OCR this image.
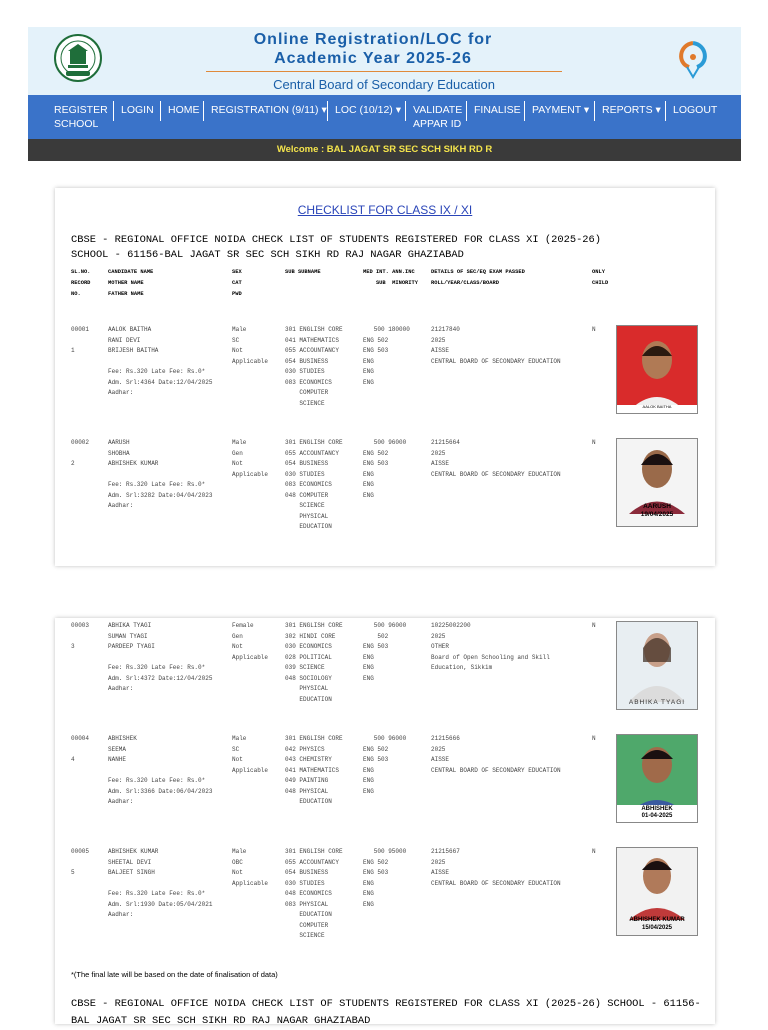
Online Registration/LOC for
Academic Year 2025-26
Central Board of Secondary Education
REGISTER
SCHOOL
LOGIN HOME REGISTRATION (9/11) ▾ LOC (10/12) ▾ VALIDATE
APPAR ID
FINALISE PAYMENT ▾ REPORTS ▾ LOGOUT
Welcome : BAL JAGAT SR SEC SCH SIKH RD R
CHECKLIST FOR CLASS IX / XI
CBSE - REGIONAL OFFICE NOIDA CHECK LIST OF STUDENTS REGISTERED FOR CLASS XI (2025-26)
SCHOOL - 61156-BAL JAGAT SR SEC SCH SIKH RD RAJ NAGAR GHAZIABAD
SL.NO.
RECORD
NO.
CANDIDATE NAME
MOTHER NAME
FATHER NAME
SEX
CAT
PWD
SUB SUBNAME	MED INT. ANN.INC
SUB  MINORITY
DETAILS OF SEC/EQ EXAM PASSED
ROLL/YEAR/CLASS/BOARD
ONLY
CHILD
00001
1
AALOK BAITHA
RANI DEVI
BRIJESH BAITHA
Fee: Rs.320 Late Fee: Rs.0*
Adm. Srl:4364 Date:12/04/2025
Aadhar:
Male
SC
Not
Applicable
301 ENGLISH CORE
041 MATHEMATICS
055 ACCOUNTANCY
054 BUSINESS
030 STUDIES
083 ECONOMICS
COMPUTER
SCIENCE
500 180000
ENG 502
ENG 503
ENG
ENG
ENG
21217840
2025
AISSE
CENTRAL BOARD OF SECONDARY EDUCATION
N
AALOK BAITHA
00002
2
AARUSH
SHOBHA
ABHISHEK KUMAR
Fee: Rs.320 Late Fee: Rs.0*
Adm. Srl:3282 Date:04/04/2023
Aadhar:
Male
Gen
Not
Applicable
301 ENGLISH CORE
055 ACCOUNTANCY
054 BUSINESS
030 STUDIES
083 ECONOMICS
048 COMPUTER
SCIENCE
PHYSICAL
EDUCATION
500 96000
ENG 502
ENG 503
ENG
ENG
ENG
21215664
2025
AISSE
CENTRAL BOARD OF SECONDARY EDUCATION
N
AARUSH
19/04/2025
00003
3
ABHIKA TYAGI
SUMAN TYAGI
PARDEEP TYAGI
Fee: Rs.320 Late Fee: Rs.0*
Adm. Srl:4372 Date:12/04/2025
Aadhar:
Female
Gen
Not
Applicable
301 ENGLISH CORE
302 HINDI CORE
030 ECONOMICS
028 POLITICAL
039 SCIENCE
048 SOCIOLOGY
PHYSICAL
EDUCATION
500 96000
502
ENG 503
ENG
ENG
ENG
10225002200
2025
OTHER
Board of Open Schooling and Skill
Education, Sikkim
N
ABHIKA TYAGI
00004
4
ABHISHEK
SEEMA
NANHE
Fee: Rs.320 Late Fee: Rs.0*
Adm. Srl:3366 Date:06/04/2023
Aadhar:
Male
SC
Not
Applicable
301 ENGLISH CORE
042 PHYSICS
043 CHEMISTRY
041 MATHEMATICS
049 PAINTING
048 PHYSICAL
EDUCATION
500 96000
ENG 502
ENG 503
ENG
ENG
ENG
21215666
2025
AISSE
CENTRAL BOARD OF SECONDARY EDUCATION
N
ABHISHEK
01-04-2025
00005
5
ABHISHEK KUMAR
SHEETAL DEVI
BALJEET SINGH
Fee: Rs.320 Late Fee: Rs.0*
Adm. Srl:1930 Date:05/04/2021
Aadhar:
Male
OBC
Not
Applicable
301 ENGLISH CORE
055 ACCOUNTANCY
054 BUSINESS
030 STUDIES
048 ECONOMICS
083 PHYSICAL
EDUCATION
COMPUTER
SCIENCE
500 95000
ENG 502
ENG 503
ENG
ENG
ENG
21215667
2025
AISSE
CENTRAL BOARD OF SECONDARY EDUCATION
N
ABHISHEK KUMAR
15/04/2025
*(The final late will be based on the date of finalisation of data)
CBSE - REGIONAL OFFICE NOIDA CHECK LIST OF STUDENTS REGISTERED FOR CLASS XI (2025-26) SCHOOL - 61156-BAL JAGAT SR SEC SCH SIKH RD RAJ NAGAR GHAZIABAD
